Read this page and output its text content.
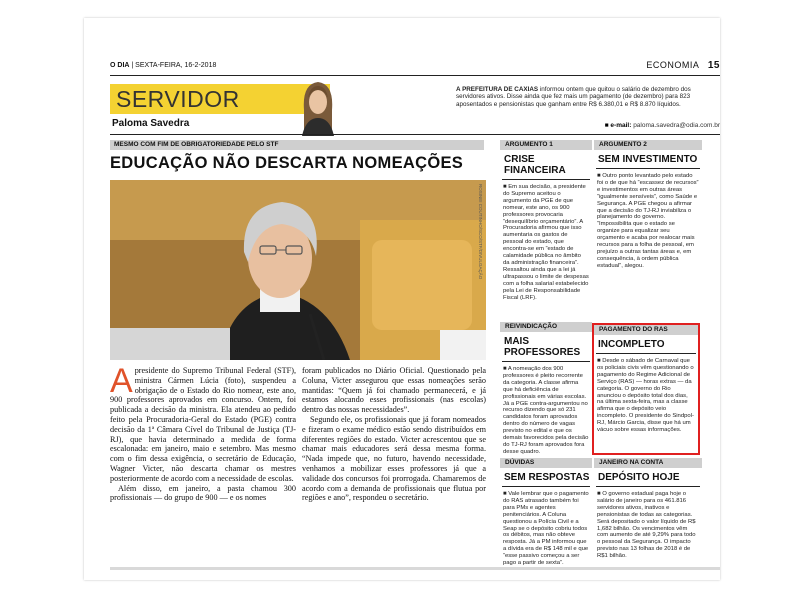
O DIA | SEXTA-FEIRA, 16-2-2018	ECONOMIA 15
SERVIDOR
Paloma Savedra
A PREFEITURA DE CAXIAS informou ontem que quitou o salário de dezembro dos servidores ativos. Disse ainda que fez mais um pagamento (de dezembro) para 823 aposentados e pensionistas que ganham entre R$ 6.380,01 e R$ 8.870 líquidos.
■ e-mail: paloma.savedra@odia.com.br
MESMO COM FIM DE OBRIGATORIEDADE PELO STF
EDUCAÇÃO NÃO DESCARTA NOMEAÇÕES
ROSINEI COUTINHO/SCO/STF/DIVULGAÇÃO

Apresidente do Supremo Tribunal Federal (STF), ministra Cármen Lúcia (foto), suspendeu a obrigação de o Estado do Rio nomear, este ano, 900 professores aprovados em concurso. Ontem, foi publicada a decisão da ministra. Ela atendeu ao pedido feito pela Procuradoria-Geral do Estado (PGE) contra decisão da 1ª Câmara Cível do Tribunal de Justiça (TJ-RJ), que havia determinado a medida de forma escalonada: em janeiro, maio e setembro. Mas mesmo com o fim dessa exigência, o secretário de Educação, Wagner Victer, não descarta chamar os mestres posteriormente de acordo com a necessidade de escolas.

Além disso, em janeiro, a pasta chamou 300 profissionais — do grupo de 900 — e os nomes

foram publicados no Diário Oficial. Questionado pela Coluna, Victer assegurou que essas nomeações serão mantidas: “Quem já foi chamado permanecerá, e já estamos alocando esses profissionais (nas escolas) dentro das nossas necessidades”.

Segundo ele, os profissionais que já foram nomeados e fizeram o exame médico estão sendo distribuídos em diferentes regiões do estado. Victer acrescentou que se chamar mais educadores será dessa mesma forma. “Nada impede que, no futuro, havendo necessidade, venhamos a mobilizar esses professores já que a validade dos concursos foi prorrogada. Chamaremos de acordo com a demanda de profissionais que flutua por regiões e ano”, respondeu o secretário.

ARGUMENTO 1
CRISE FINANCEIRA
■ Em sua decisão, a presidente do Supremo aceitou o argumento da PGE de que nomear, este ano, os 900 professores provocaria “desequilíbrio orçamentário”. A Procuradoria afirmou que isso aumentaria os gastos de pessoal do estado, que encontra-se em “estado de calamidade pública no âmbito da administração financeira”. Ressaltou ainda que a lei já ultrapassou o limite de despesas com a folha salarial estabelecido pela Lei de Responsabilidade Fiscal (LRF).
ARGUMENTO 2
SEM INVESTIMENTO
■ Outro ponto levantado pelo estado foi o de que há “escassez de recursos” e investimentos em outras áreas “igualmente sensíveis”, como Saúde e Segurança. A PGE chegou a afirmar que a decisão do TJ-RJ inviabiliza o planejamento do governo. “Impossibilita que o estado se organize para equalizar seu orçamento e acaba por realocar mais recursos para a folha de pessoal, em prejuízo a outras tantas áreas e, em consequência, à ordem pública estadual”, alegou.
REIVINDICAÇÃO
MAIS PROFESSORES
■ A nomeação dos 900 professores é pleito recorrente da categoria. A classe afirma que há deficiência de profissionais em várias escolas. Já a PGE contra-argumentou no recurso dizendo que só 231 candidatos foram aprovados dentro do número de vagas previsto no edital e que os demais favorecidos pela decisão do TJ-RJ foram aprovados fora desse quadro.
PAGAMENTO DO RAS
INCOMPLETO
■ Desde o sábado de Carnaval que os policiais civis vêm questionando o pagamento do Regime Adicional de Serviço (RAS) — horas extras — da categoria. O governo do Rio anunciou o depósito total dos dias, na última sexta-feira, mas a classe afirma que o depósito veio incompleto. O presidente do Sindpol-RJ, Márcio Garcia, disse que há um vácuo sobre essas informações.
DÚVIDAS
SEM RESPOSTAS
■ Vale lembrar que o pagamento do RAS atrasado também foi para PMs e agentes penitenciários. A Coluna questionou a Polícia Civil e a Seap se o depósito cobriu todos os débitos, mas não obteve resposta. Já a PM informou que a dívida era de R$ 148 mil e que “esse passivo começou a ser pago a partir de sexta”.
JANEIRO NA CONTA
DEPÓSITO HOJE
■ O governo estadual paga hoje o salário de janeiro para os 461.816 servidores ativos, inativos e pensionistas de todas as categorias. Será depositado o valor líquido de R$ 1,682 bilhão. Os vencimentos vêm com aumento de até 9,29% para todo o pessoal da Segurança. O impacto previsto nas 13 folhas de 2018 é de R$1 bilhão.
